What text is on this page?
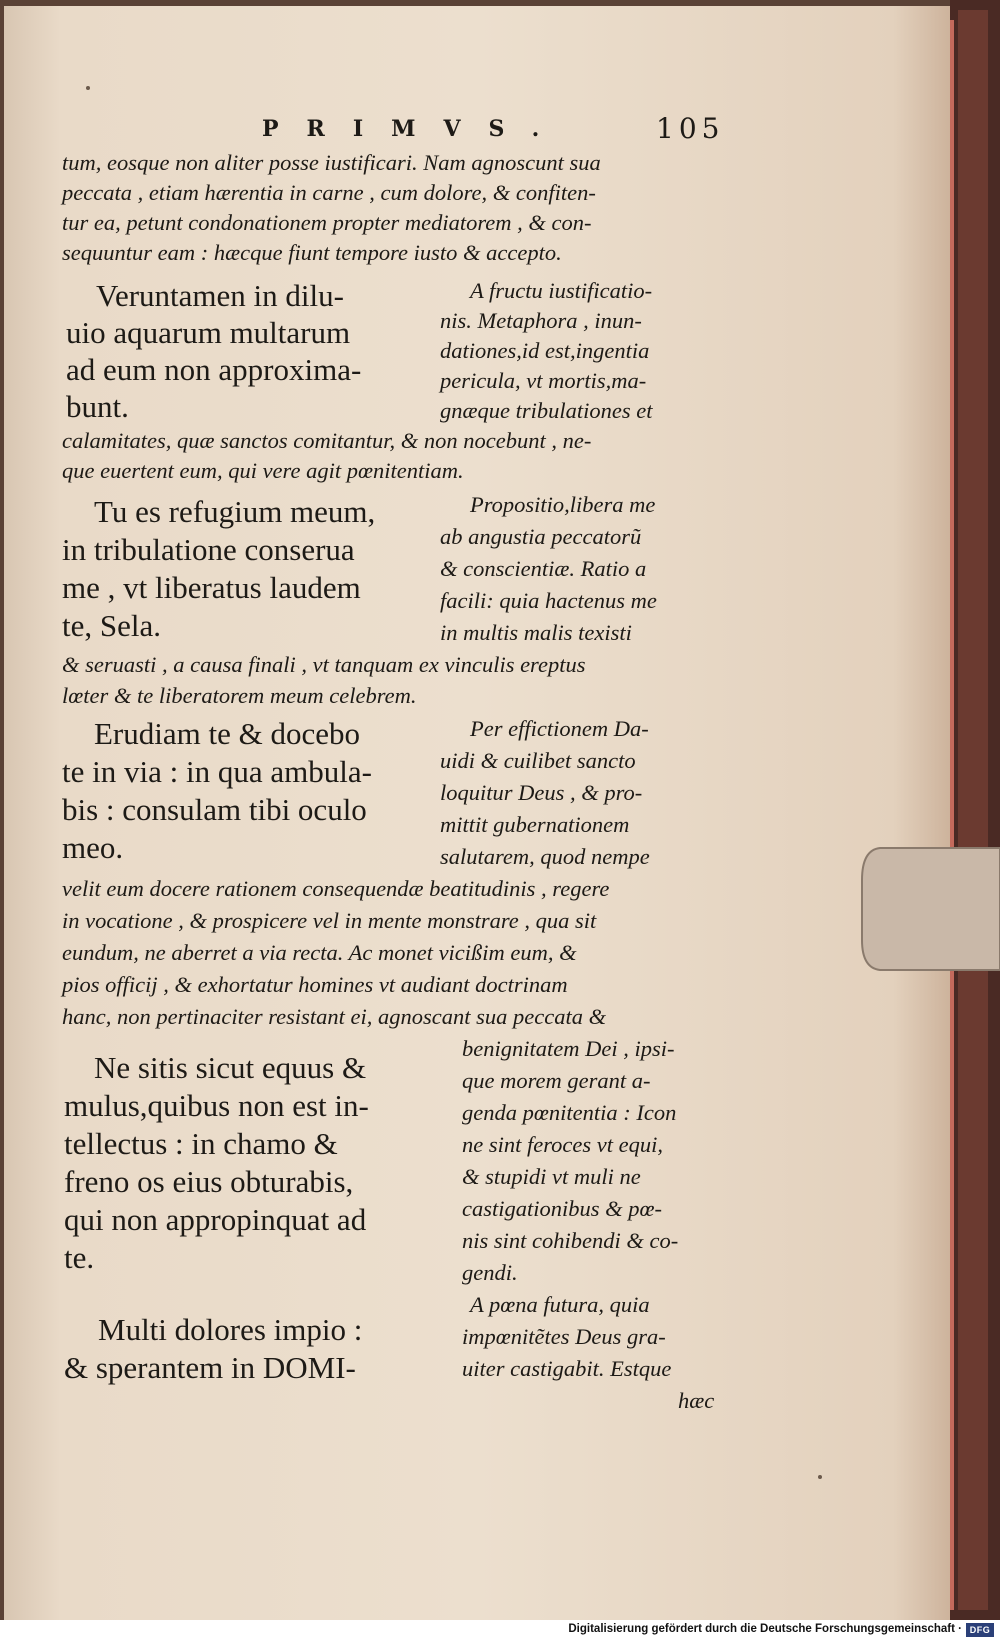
PRIMVS.	105
tum, eosque non aliter posse iustificari. Nam agnoscunt sua
peccata , etiam hærentia in carne , cum dolore, & confiten-
tur ea, petunt condonationem propter mediatorem , & con-
sequuntur eam : hæcque fiunt tempore iusto & accepto.
Veruntamen in dilu-
uio aquarum multarum
ad eum non approxima-
bunt.
A fructu iustificatio-
nis. Metaphora , inun-
dationes,id est,ingentia
pericula, vt mortis,ma-
gnæque tribulationes et
calamitates, quæ sanctos comitantur, & non nocebunt , ne-
que euertent eum, qui vere agit pœnitentiam.
Tu es refugium meum,
in tribulatione conserua
me , vt liberatus laudem
te, Sela.
Propositio,libera me
ab angustia peccatorũ
& conscientiæ. Ratio a
facili: quia hactenus me
in multis malis texisti
& seruasti , a causa finali , vt tanquam ex vinculis ereptus
lœter & te liberatorem meum celebrem.
Erudiam te & docebo
te in via : in qua ambula-
bis : consulam tibi oculo
meo.
Per effictionem Da-
uidi & cuilibet sancto
loquitur Deus , & pro-
mittit gubernationem
salutarem, quod nempe
velit eum docere rationem consequendæ beatitudinis , regere
in vocatione , & prospicere vel in mente monstrare , qua sit
eundum, ne aberret a via recta. Ac monet vicißim eum, &
pios officij , & exhortatur homines vt audiant doctrinam
hanc, non pertinaciter resistant ei, agnoscant sua peccata &
benignitatem Dei , ipsi-
que morem gerant a-
genda pœnitentia : Icon
ne sint feroces vt equi,
& stupidi vt muli ne
castigationibus & pœ-
nis sint cohibendi & co-
gendi.
Ne sitis sicut equus &
mulus,quibus non est in-
tellectus : in chamo &
freno os eius obturabis,
qui non appropinquat ad
te.
A pœna futura, quia
impœnitẽtes Deus gra-
uiter castigabit. Estque
hæc
Multi dolores impio :
& sperantem in DOMI-
Digitalisierung gefördert durch die Deutsche Forschungsgemeinschaft · DFG
